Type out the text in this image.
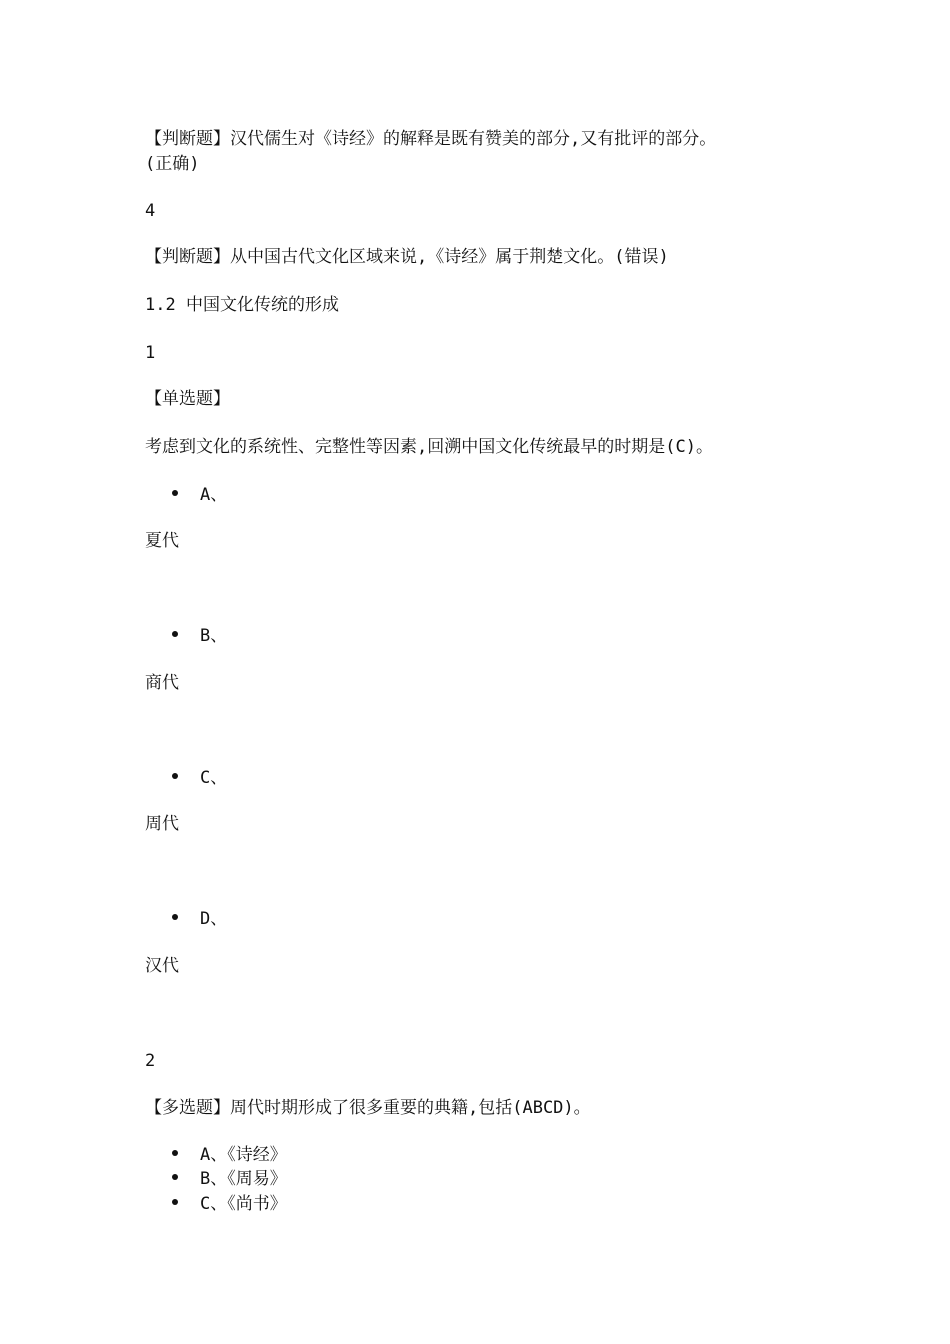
【判断题】汉代儒生对《诗经》的解释是既有赞美的部分,又有批评的部分。
(正确)
4
【判断题】从中国古代文化区域来说,《诗经》属于荆楚文化。(错误)
1.2 中国文化传统的形成
1
【单选题】
考虑到文化的系统性、完整性等因素,回溯中国文化传统最早的时期是(C)。
A、
夏代
B、
商代
C、
周代
D、
汉代
2
【多选题】周代时期形成了很多重要的典籍,包括(ABCD)。
A、《诗经》
B、《周易》
C、《尚书》
